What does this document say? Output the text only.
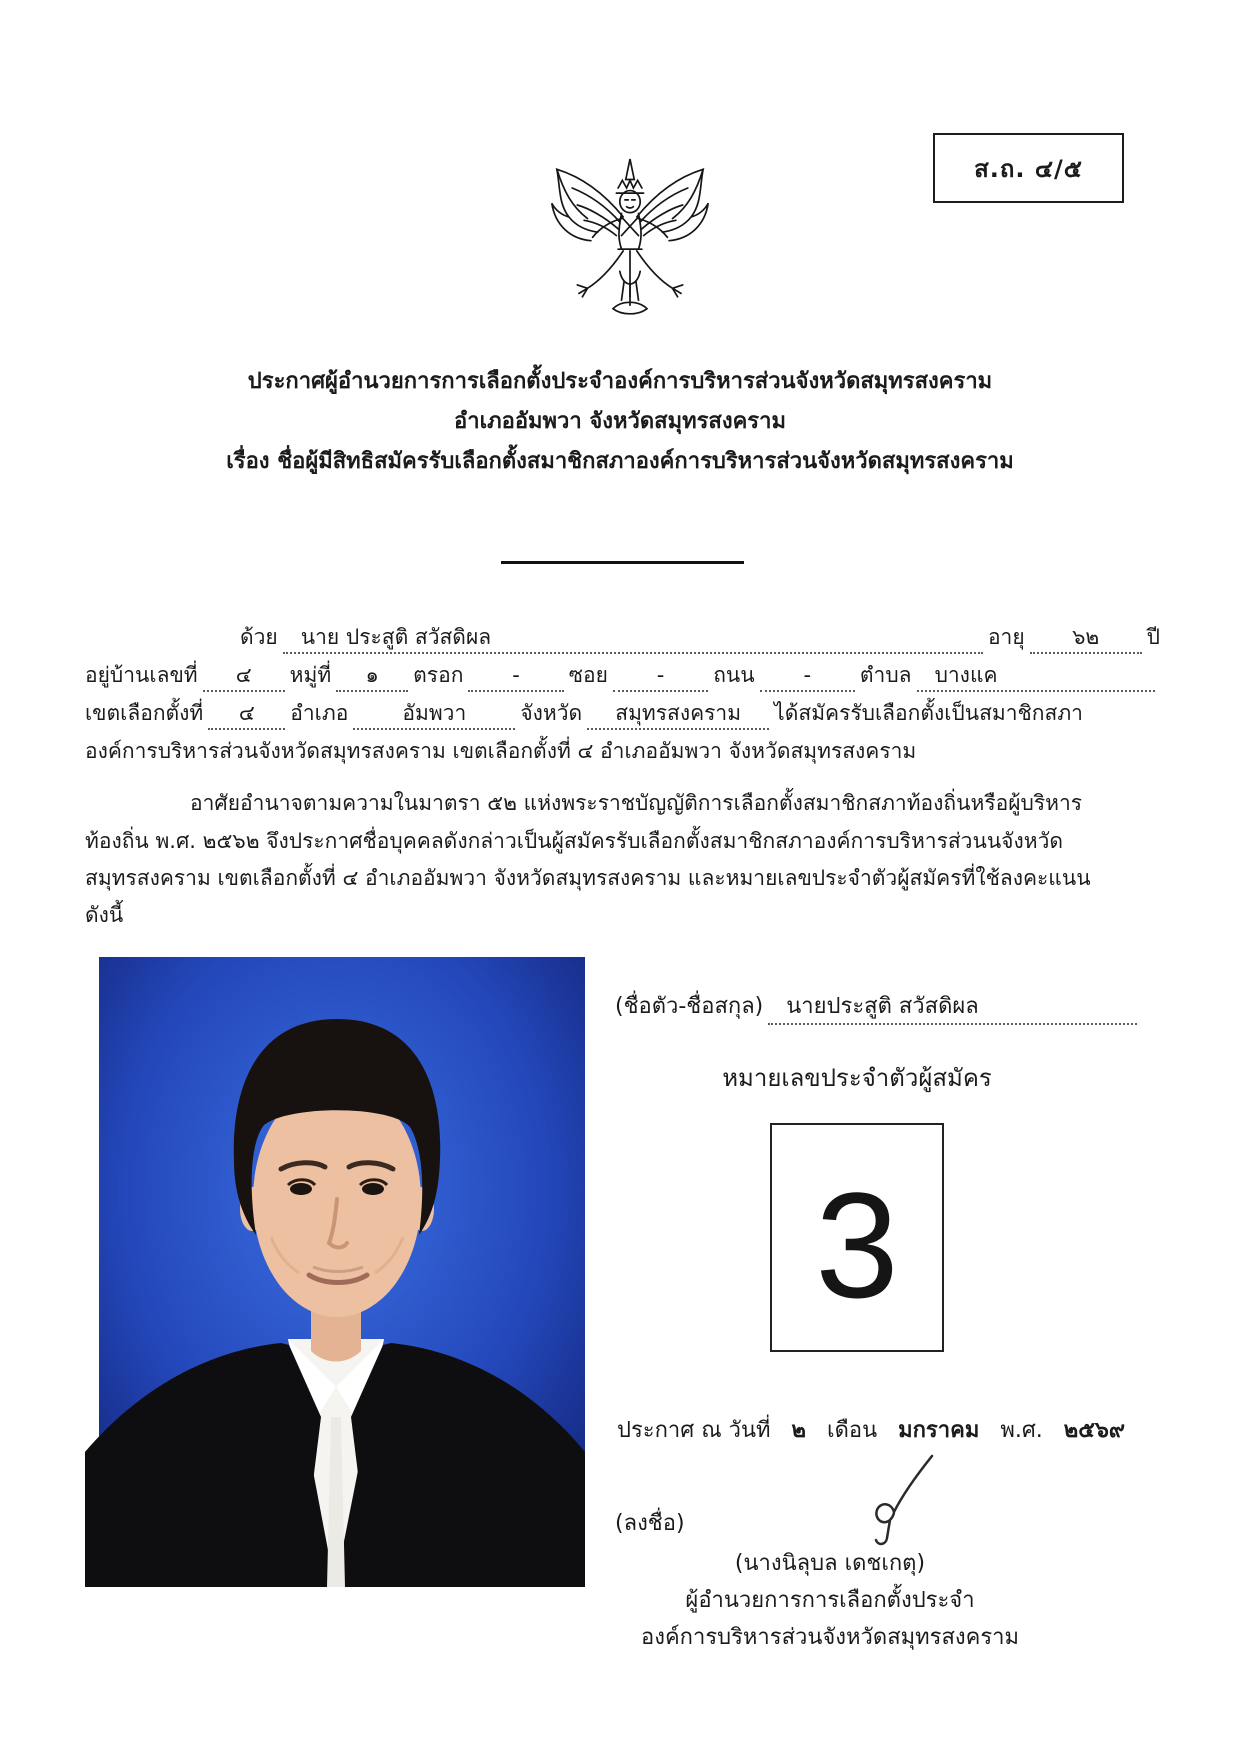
ส.ถ. ๔/๕
ประกาศผู้อำนวยการการเลือกตั้งประจำองค์การบริหารส่วนจังหวัดสมุทรสงคราม
อำเภออัมพวา จังหวัดสมุทรสงคราม
เรื่อง ชื่อผู้มีสิทธิสมัครรับเลือกตั้งสมาชิกสภาองค์การบริหารส่วนจังหวัดสมุทรสงคราม
ด้วย	นาย ประสูติ สวัสดิผล	อายุ	๖๒	ปี
อยู่บ้านเลขที่	๔	หมู่ที่	๑	ตรอก	-	ซอย	-	ถนน	-	ตำบล	บางแค
เขตเลือกตั้งที่	๔	อำเภอ	อัมพวา	จังหวัด	สมุทรสงคราม	ได้สมัครรับเลือกตั้งเป็นสมาชิกสภา
องค์การบริหารส่วนจังหวัดสมุทรสงคราม เขตเลือกตั้งที่ ๔ อำเภออัมพวา จังหวัดสมุทรสงคราม
อาศัยอำนาจตามความในมาตรา ๕๒ แห่งพระราชบัญญัติการเลือกตั้งสมาชิกสภาท้องถิ่นหรือผู้บริหาร
ท้องถิ่น พ.ศ. ๒๕๖๒ จึงประกาศชื่อบุคคลดังกล่าวเป็นผู้สมัครรับเลือกตั้งสมาชิกสภาองค์การบริหารส่วนนจังหวัด
สมุทรสงคราม เขตเลือกตั้งที่ ๔ อำเภออัมพวา จังหวัดสมุทรสงคราม และหมายเลขประจำตัวผู้สมัครที่ใช้ลงคะแนน
ดังนี้
(ชื่อตัว-ชื่อสกุล)	นายประสูติ สวัสดิผล
หมายเลขประจำตัวผู้สมัคร
3
ประกาศ ณ วันที่ ๒ เดือน มกราคม พ.ศ. ๒๕๖๙
(ลงชื่อ)
(นางนิลุบล เดชเกตุ)
ผู้อำนวยการการเลือกตั้งประจำ
องค์การบริหารส่วนจังหวัดสมุทรสงคราม
